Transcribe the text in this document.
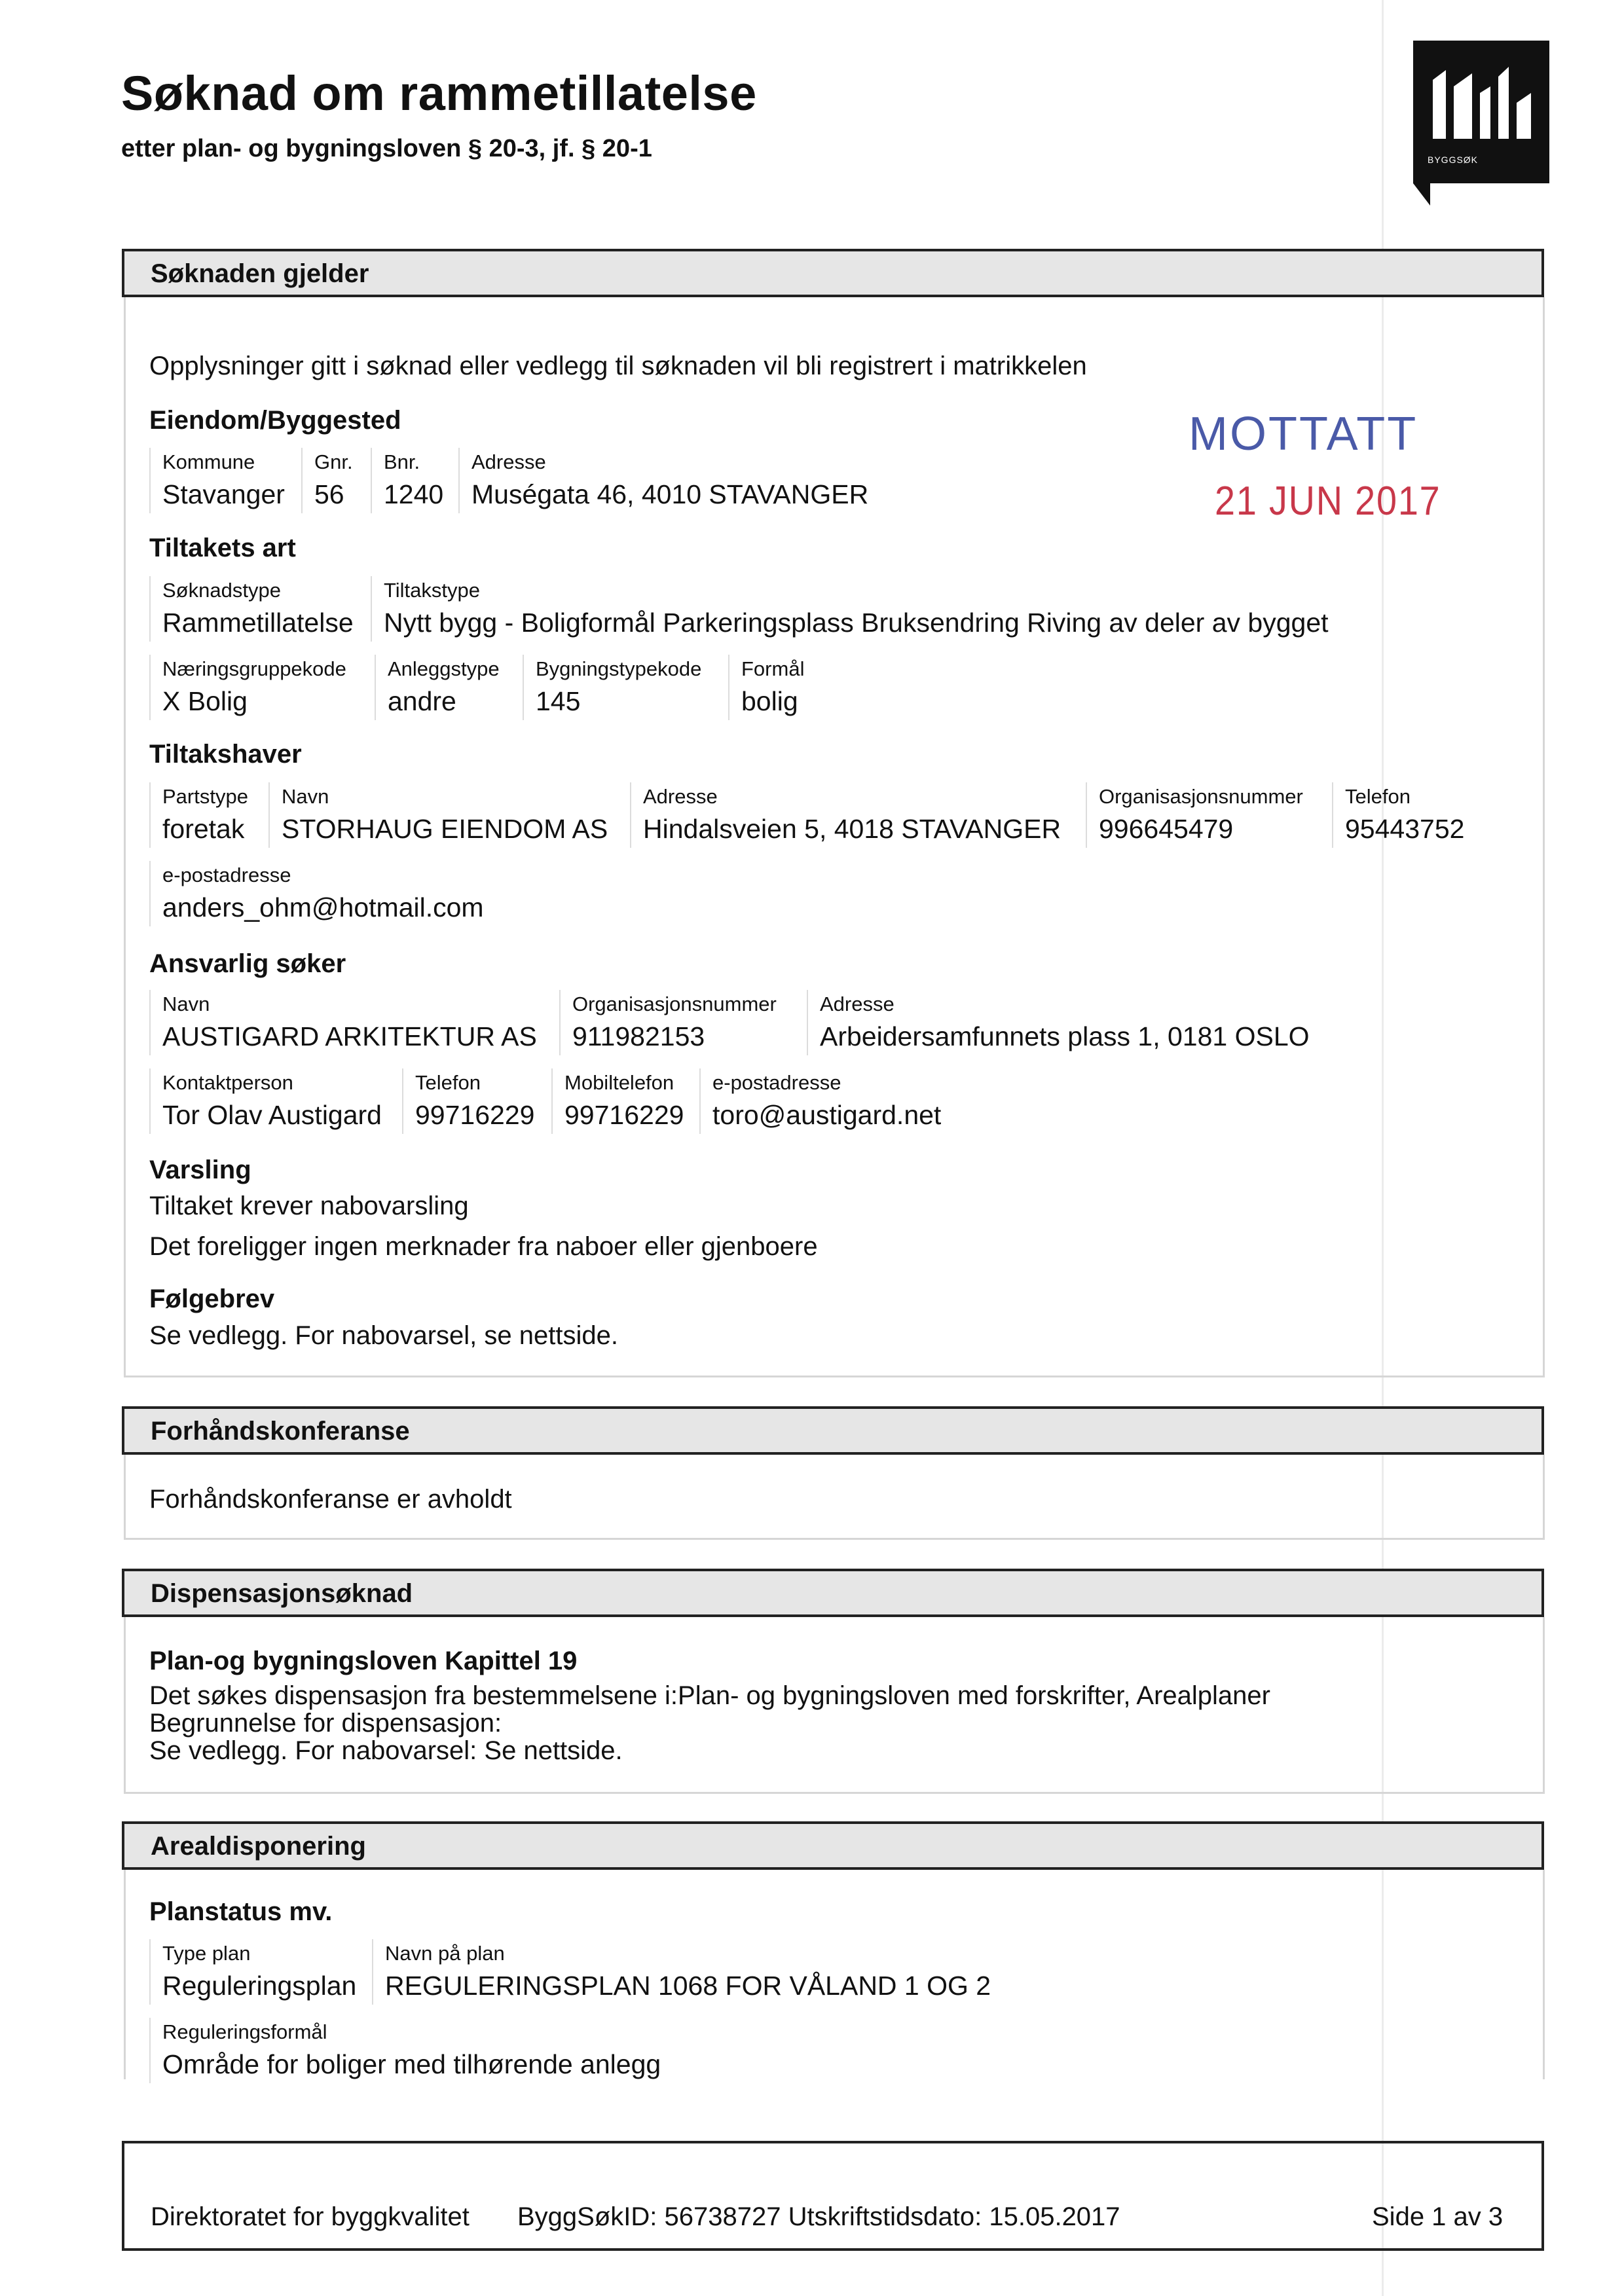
Søknad om rammetillatelse
etter plan- og bygningsloven § 20-3, jf. § 20-1	BYGGSØK
Søknaden gjelder
Opplysninger gitt i søknad eller vedlegg til søknaden vil bli registrert i matrikkelen
MOTTATT
21 JUN 2017
Eiendom/Byggested
Kommune
Stavanger
Gnr.
56
Bnr.
1240
Adresse
Muségata 46, 4010 STAVANGER
Tiltakets art
Søknadstype
Rammetillatelse
Tiltakstype
Nytt bygg - Boligformål Parkeringsplass Bruksendring Riving av deler av bygget
Næringsgruppekode
X Bolig
Anleggstype
andre
Bygningstypekode
145
Formål
bolig
Tiltakshaver
Partstype
foretak
Navn
STORHAUG EIENDOM AS
Adresse
Hindalsveien 5, 4018 STAVANGER
Organisasjonsnummer
996645479
Telefon
95443752
e-postadresse
anders_ohm@hotmail.com
Ansvarlig søker
Navn
AUSTIGARD ARKITEKTUR AS
Organisasjonsnummer
911982153
Adresse
Arbeidersamfunnets plass 1, 0181 OSLO
Kontaktperson
Tor Olav Austigard
Telefon
99716229
Mobiltelefon
99716229
e-postadresse
toro@austigard.net
Varsling
Tiltaket krever nabovarsling
Det foreligger ingen merknader fra naboer eller gjenboere
Følgebrev
Se vedlegg. For nabovarsel, se nettside.
Forhåndskonferanse
Forhåndskonferanse er avholdt
Dispensasjonsøknad
Plan-og bygningsloven Kapittel 19
Det søkes dispensasjon fra bestemmelsene i:Plan- og bygningsloven med forskrifter, Arealplaner
Begrunnelse for dispensasjon:
Se vedlegg. For nabovarsel: Se nettside.
Arealdisponering
Planstatus mv.
Type plan
Reguleringsplan
Navn på plan
REGULERINGSPLAN 1068 FOR VÅLAND 1 OG 2
Reguleringsformål
Område for boliger med tilhørende anlegg
Direktoratet for byggkvalitet ByggSøkID: 56738727 Utskriftstidsdato: 15.05.2017	Side 1 av 3
